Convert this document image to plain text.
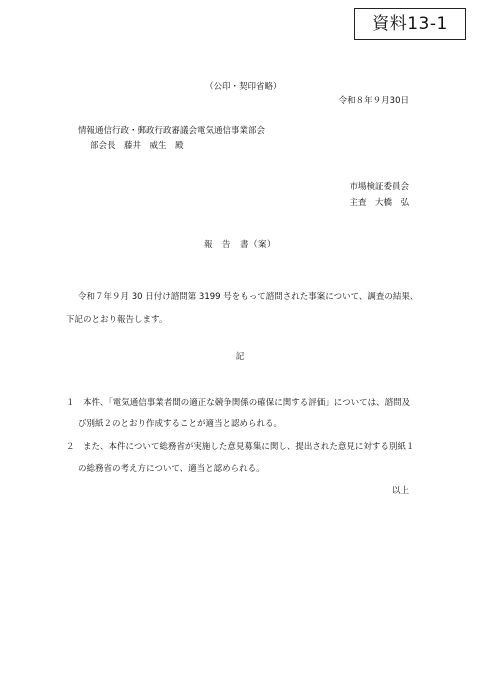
資料13-1
（公印・契印省略）
令和８年９月30日
情報通信行政・郵政行政審議会電気通信事業部会
部会長　藤井　威生　殿
市場検証委員会
主査　大橋　弘
報　告　書（案）
令和７年９月 30 日付け諮問第 3199 号をもって諮問された事案について、調査の結果、
下記のとおり報告します。
記
１　本件、「電気通信事業者間の適正な競争関係の確保に関する評価」については、諮問及
び別紙２のとおり作成することが適当と認められる。
２　また、本件について総務省が実施した意見募集に関し、提出された意見に対する別紙１
の総務省の考え方について、適当と認められる。
以上
